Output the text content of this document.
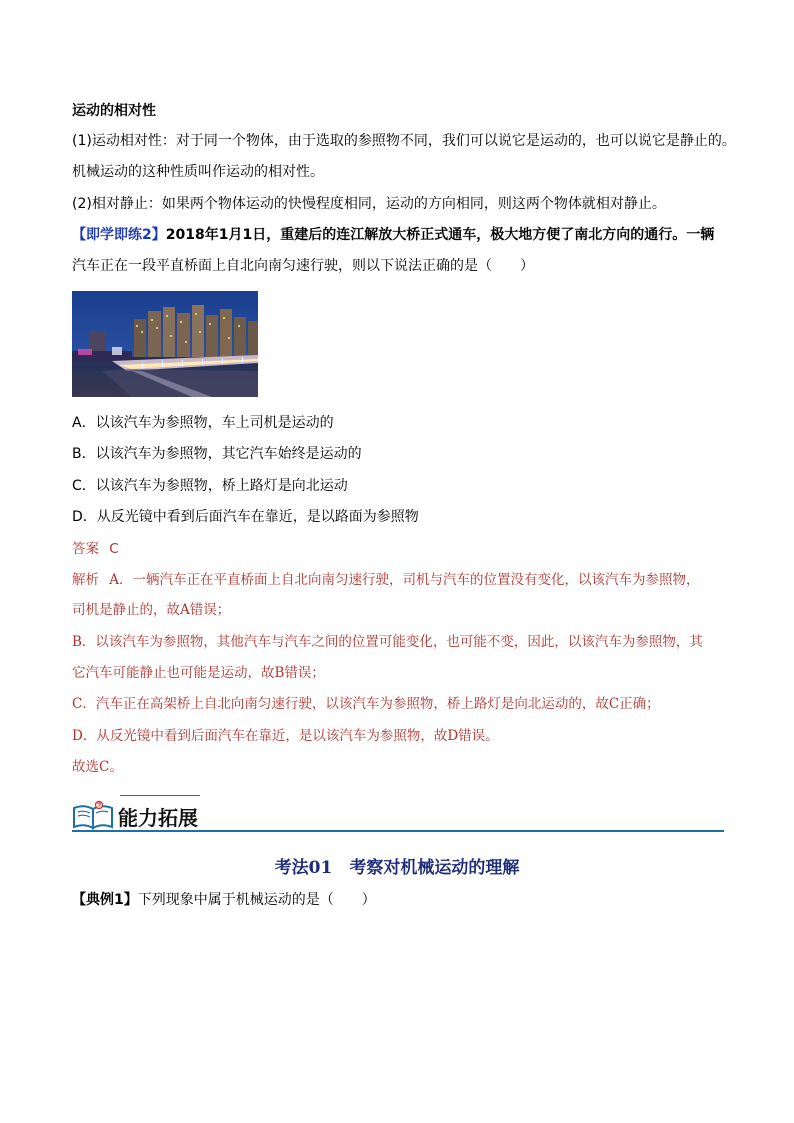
运动的相对性
(1)运动相对性：对于同一个物体，由于选取的参照物不同，我们可以说它是运动的，也可以说它是静止的。
机械运动的这种性质叫作运动的相对性。
(2)相对静止：如果两个物体运动的快慢程度相同，运动的方向相同，则这两个物体就相对静止。
【即学即练2】2018年1月1日，重建后的连江解放大桥正式通车，极大地方便了南北方向的通行。一辆
汽车正在一段平直桥面上自北向南匀速行驶，则以下说法正确的是（　　）
A．以该汽车为参照物，车上司机是运动的
B．以该汽车为参照物，其它汽车始终是运动的
C．以该汽车为参照物，桥上路灯是向北运动
D．从反光镜中看到后面汽车在靠近，是以路面为参照物
答案 C
解析 A．一辆汽车正在平直桥面上自北向南匀速行驶，司机与汽车的位置没有变化，以该汽车为参照物，
司机是静止的，故A错误；
B．以该汽车为参照物，其他汽车与汽车之间的位置可能变化，也可能不变，因此，以该汽车为参照物，其
它汽车可能静止也可能是运动，故B错误；
C．汽车正在高架桥上自北向南匀速行驶，以该汽车为参照物，桥上路灯是向北运动的，故C正确；
D．从反光镜中看到后面汽车在靠近，是以该汽车为参照物，故D错误。
故选C。
能力拓展
考法01　考察对机械运动的理解
【典例1】下列现象中属于机械运动的是（　　）
